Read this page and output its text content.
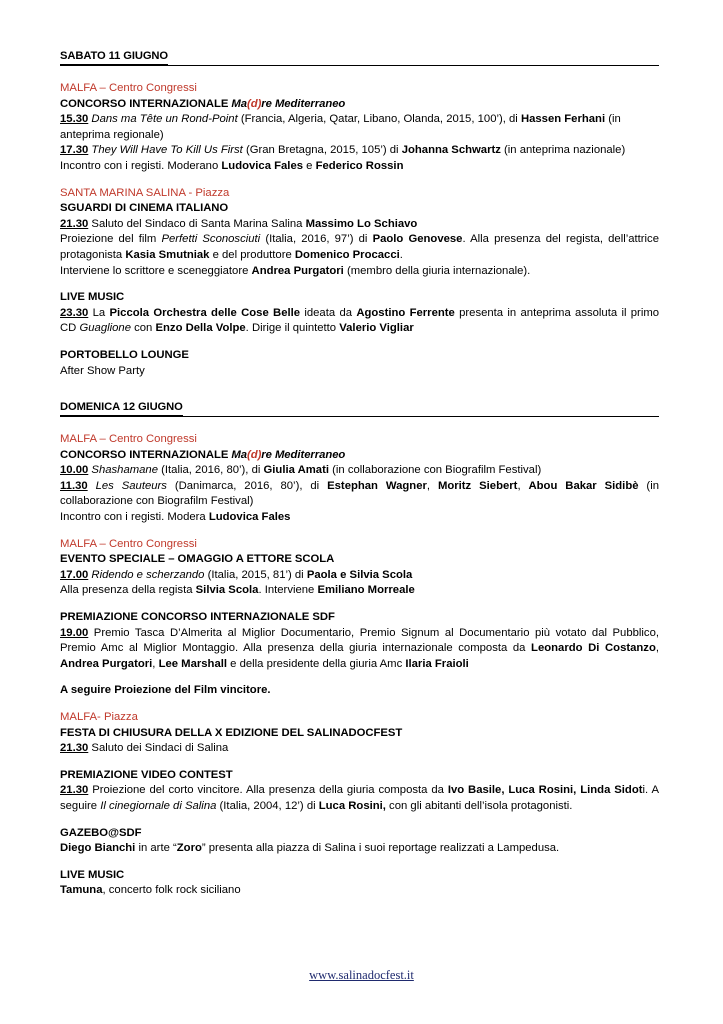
SABATO 11 GIUGNO
MALFA – Centro Congressi
CONCORSO INTERNAZIONALE Ma(d)re Mediterraneo

15.30 Dans ma Tête un Rond-Point (Francia, Algeria, Qatar, Libano, Olanda, 2015, 100’), di Hassen Ferhani (in anteprima regionale)

17.30 They Will Have To Kill Us First (Gran Bretagna, 2015, 105’) di Johanna Schwartz (in anteprima nazionale)

Incontro con i registi. Moderano Ludovica Fales e Federico Rossin

SANTA MARINA SALINA - Piazza
SGUARDI DI CINEMA ITALIANO

21.30 Saluto del Sindaco di Santa Marina Salina Massimo Lo Schiavo

Proiezione del film Perfetti Sconosciuti (Italia, 2016, 97’) di Paolo Genovese. Alla presenza del regista, dell’attrice protagonista Kasia Smutniak e del produttore Domenico Procacci.

Interviene lo scrittore e sceneggiatore Andrea Purgatori (membro della giuria internazionale).

LIVE MUSIC

23.30 La Piccola Orchestra delle Cose Belle ideata da Agostino Ferrente presenta in anteprima assoluta il primo CD Guaglione con Enzo Della Volpe. Dirige il quintetto Valerio Vigliar

PORTOBELLO LOUNGE

After Show Party

DOMENICA 12 GIUGNO
MALFA – Centro Congressi
CONCORSO INTERNAZIONALE Ma(d)re Mediterraneo

10.00 Shashamane (Italia, 2016, 80’), di Giulia Amati (in collaborazione con Biografilm Festival)

11.30 Les Sauteurs (Danimarca, 2016, 80’), di Estephan Wagner, Moritz Siebert, Abou Bakar Sidibè (in collaborazione con Biografilm Festival)

Incontro con i registi. Modera Ludovica Fales

MALFA – Centro Congressi
EVENTO SPECIALE – OMAGGIO A ETTORE SCOLA

17.00 Ridendo e scherzando (Italia, 2015, 81’) di Paola e Silvia Scola

Alla presenza della regista Silvia Scola. Interviene Emiliano Morreale

PREMIAZIONE CONCORSO INTERNAZIONALE SDF

19.00 Premio Tasca D’Almerita al Miglior Documentario, Premio Signum al Documentario più votato dal Pubblico, Premio Amc al Miglior Montaggio. Alla presenza della giuria internazionale composta da Leonardo Di Costanzo, Andrea Purgatori, Lee Marshall e della presidente della giuria Amc Ilaria Fraioli

A seguire Proiezione del Film vincitore.

MALFA- Piazza
FESTA DI CHIUSURA DELLA X EDIZIONE DEL SALINADOCFEST

21.30 Saluto dei Sindaci di Salina

PREMIAZIONE VIDEO CONTEST

21.30 Proiezione del corto vincitore. Alla presenza della giuria composta da Ivo Basile, Luca Rosini, Linda Sidoti. A seguire Il cinegiornale di Salina (Italia, 2004, 12’) di Luca Rosini, con gli abitanti dell’isola protagonisti.

GAZEBO@SDF

Diego Bianchi in arte “Zoro” presenta alla piazza di Salina i suoi reportage realizzati a Lampedusa.

LIVE MUSIC

Tamuna, concerto folk rock siciliano

www.salinadocfest.it
